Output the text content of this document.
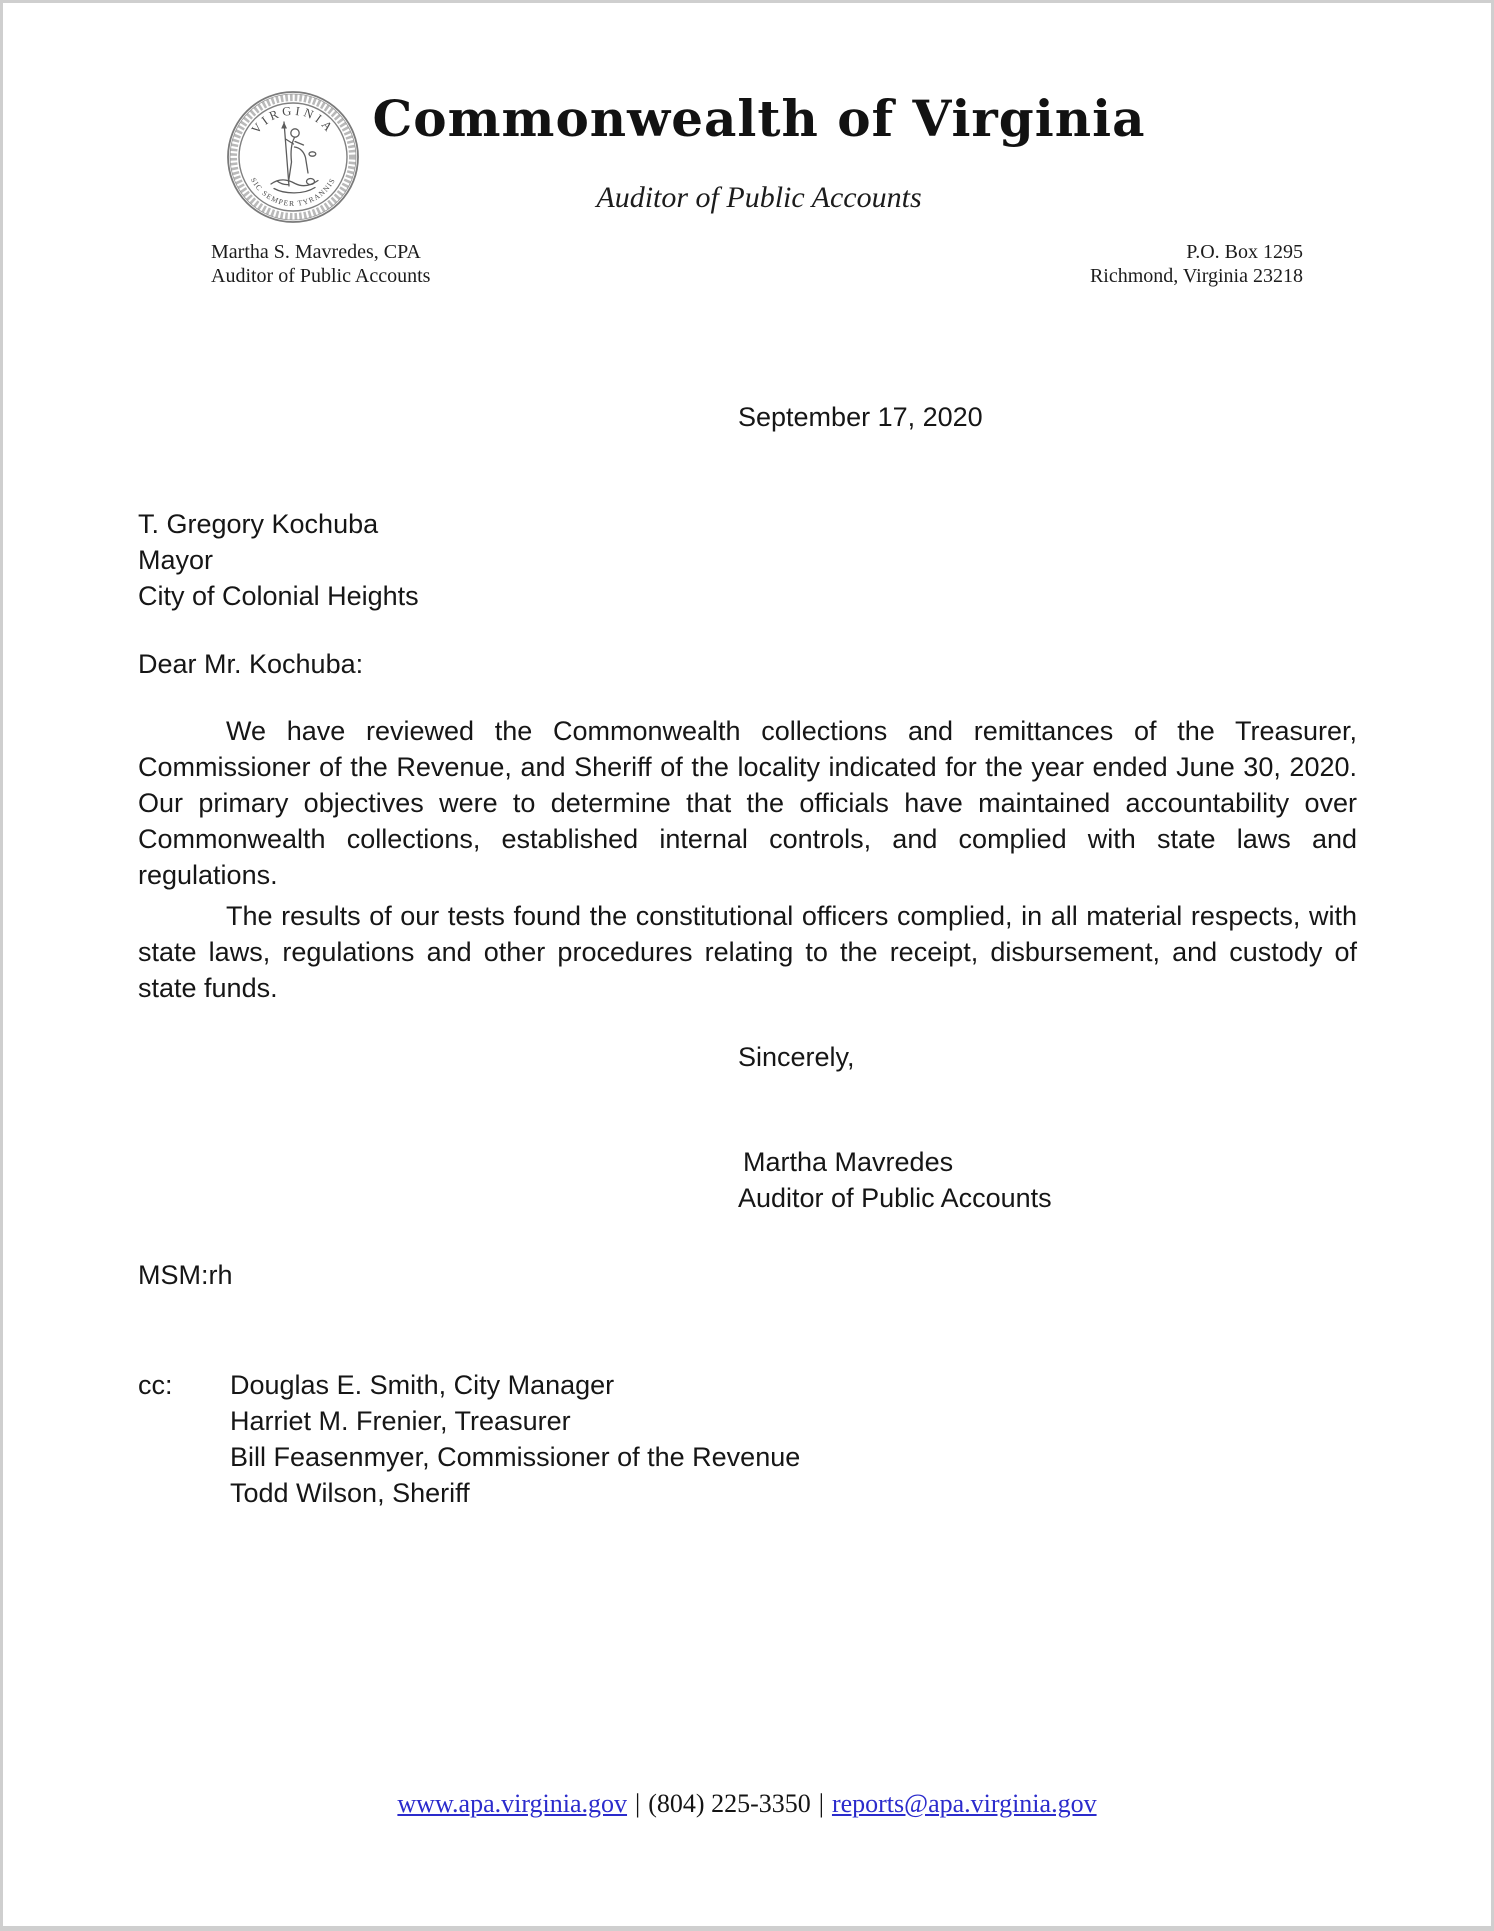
VIRGINIA
SIC SEMPER TYRANNIS
Commonwealth of Virginia
Auditor of Public Accounts
Martha S. Mavredes, CPA
Auditor of Public Accounts
P.O. Box 1295
Richmond, Virginia 23218
September 17, 2020
T. Gregory Kochuba
Mayor
City of Colonial Heights
Dear Mr. Kochuba:

We have reviewed the Commonwealth collections and remittances of the Treasurer, Commissioner of the Revenue, and Sheriff of the locality indicated for the year ended June 30, 2020. Our primary objectives were to determine that the officials have maintained accountability over Commonwealth collections, established internal controls, and complied with state laws and regulations.

The results of our tests found the constitutional officers complied, in all material respects, with state laws, regulations and other procedures relating to the receipt, disbursement, and custody of state funds.

Sincerely,
Martha Mavredes
Auditor of Public Accounts
MSM:rh
cc:	Douglas E. Smith, City Manager
Harriet M. Frenier, Treasurer
Bill Feasenmyer, Commissioner of the Revenue
Todd Wilson, Sheriff
www.apa.virginia.gov | (804) 225-3350 | reports@apa.virginia.gov
